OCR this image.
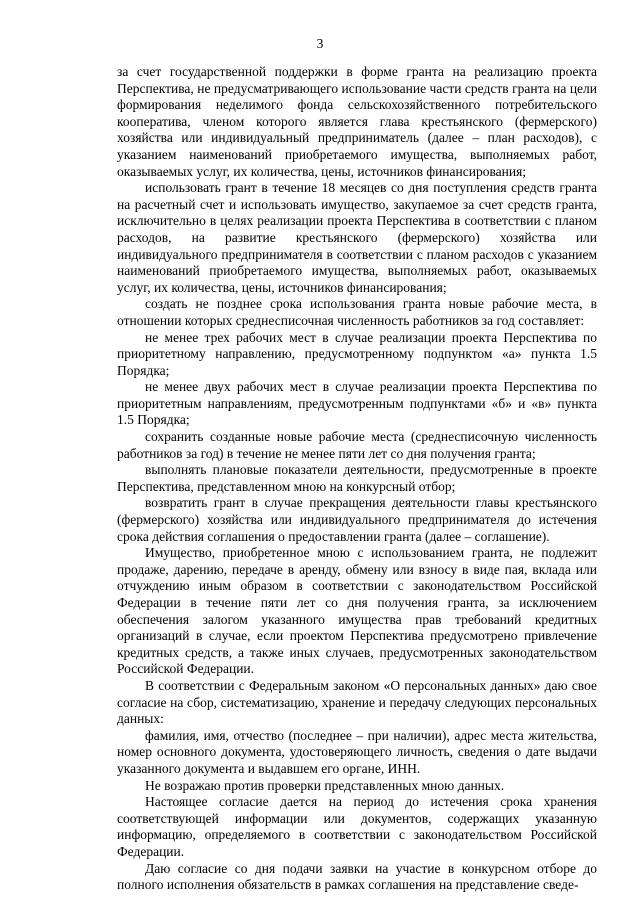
3

за счет государственной поддержки в форме гранта на реализацию проекта Перспектива, не предусматривающего использование части средств гранта на цели формирования неделимого фонда сельскохозяйственного потребительского кооператива, членом которого является глава крестьянского (фермерского) хозяйства или индивидуальный предприниматель (далее – план расходов), с указанием наименований приобретаемого имущества, выполняемых работ, оказываемых услуг, их количества, цены, источников финансирования;

использовать грант в течение 18 месяцев со дня поступления средств гранта на расчетный счет и использовать имущество, закупаемое за счет средств гранта, исключительно в целях реализации проекта Перспектива в соответствии с планом расходов, на развитие крестьянского (фермерского) хозяйства или индивидуального предпринимателя в соответствии с планом расходов с указанием наименований приобретаемого имущества, выполняемых работ, оказываемых услуг, их количества, цены, источников финансирования;

создать не позднее срока использования гранта новые рабочие места, в отношении которых среднесписочная численность работников за год составляет:

не менее трех рабочих мест в случае реализации проекта Перспектива по приоритетному направлению, предусмотренному подпунктом «а» пункта 1.5 Порядка;

не менее двух рабочих мест в случае реализации проекта Перспектива по приоритетным направлениям, предусмотренным подпунктами «б» и «в» пункта 1.5 Порядка;

сохранить созданные новые рабочие места (среднесписочную численность работников за год) в течение не менее пяти лет со дня получения гранта;

выполнять плановые показатели деятельности, предусмотренные в проекте Перспектива, представленном мною на конкурсный отбор;

возвратить грант в случае прекращения деятельности главы крестьянского (фермерского) хозяйства или индивидуального предпринимателя до истечения срока действия соглашения о предоставлении гранта (далее – соглашение).

Имущество, приобретенное мною с использованием гранта, не подлежит продаже, дарению, передаче в аренду, обмену или взносу в виде пая, вклада или отчуждению иным образом в соответствии с законодательством Российской Федерации в течение пяти лет со дня получения гранта, за исключением обеспечения залогом указанного имущества прав требований кредитных организаций в случае, если проектом Перспектива предусмотрено привлечение кредитных средств, а также иных случаев, предусмотренных законодательством Российской Федерации.

В соответствии с Федеральным законом «О персональных данных» даю свое согласие на сбор, систематизацию, хранение и передачу следующих персональных данных:

фамилия, имя, отчество (последнее – при наличии), адрес места жительства, номер основного документа, удостоверяющего личность, сведения о дате выдачи указанного документа и выдавшем его органе, ИНН.

Не возражаю против проверки представленных мною данных.

Настоящее согласие дается на период до истечения срока хранения соответствующей информации или документов, содержащих указанную информацию, определяемого в соответствии с законодательством Российской Федерации.

Даю согласие со дня подачи заявки на участие в конкурсном отборе до полного исполнения обязательств в рамках соглашения на представление сведе-
